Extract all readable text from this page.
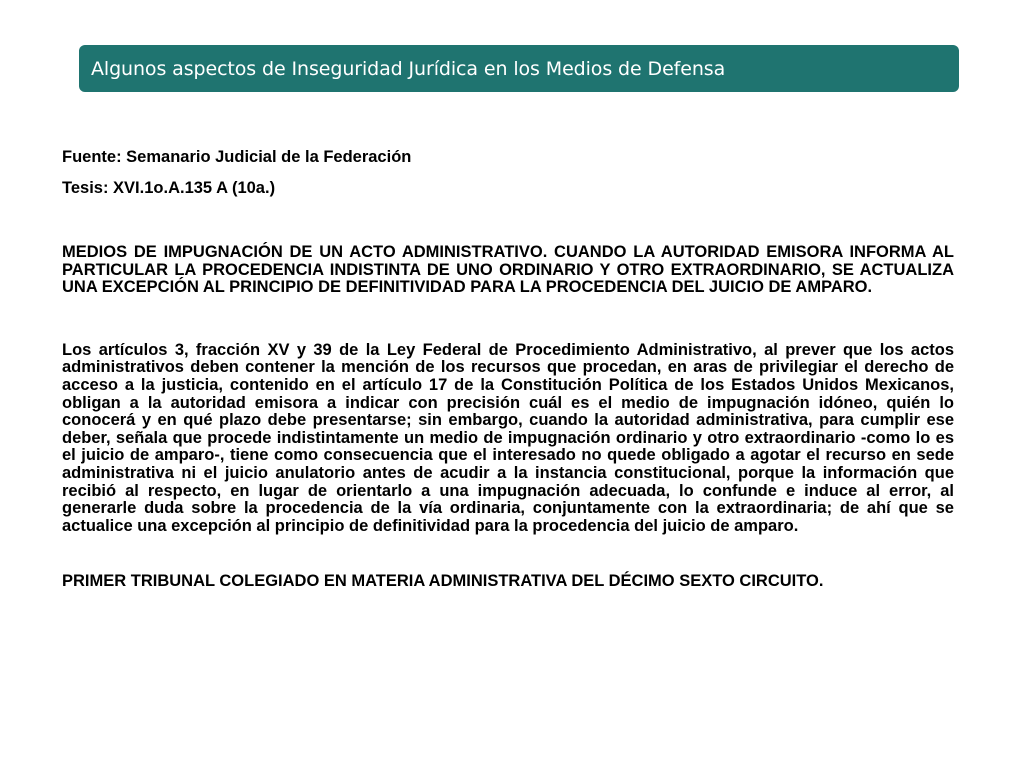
Algunos aspectos de Inseguridad Jurídica en los Medios de Defensa

Fuente: Semanario Judicial de la Federación

Tesis: XVI.1o.A.135 A (10a.)

MEDIOS DE IMPUGNACIÓN DE UN ACTO ADMINISTRATIVO. CUANDO LA AUTORIDAD EMISORA INFORMA AL PARTICULAR LA PROCEDENCIA INDISTINTA DE UNO ORDINARIO Y OTRO EXTRAORDINARIO, SE ACTUALIZA UNA EXCEPCIÓN AL PRINCIPIO DE DEFINITIVIDAD PARA LA PROCEDENCIA DEL JUICIO DE AMPARO.

Los artículos 3, fracción XV y 39 de la Ley Federal de Procedimiento Administrativo, al prever que los actos administrativos deben contener la mención de los recursos que procedan, en aras de privilegiar el derecho de acceso a la justicia, contenido en el artículo 17 de la Constitución Política de los Estados Unidos Mexicanos, obligan a la autoridad emisora a indicar con precisión cuál es el medio de impugnación idóneo, quién lo conocerá y en qué plazo debe presentarse; sin embargo, cuando la autoridad administrativa, para cumplir ese deber, señala que procede indistintamente un medio de impugnación ordinario y otro extraordinario -como lo es el juicio de amparo-, tiene como consecuencia que el interesado no quede obligado a agotar el recurso en sede administrativa ni el juicio anulatorio antes de acudir a la instancia constitucional, porque la información que recibió al respecto, en lugar de orientarlo a una impugnación adecuada, lo confunde e induce al error, al generarle duda sobre la procedencia de la vía ordinaria, conjuntamente con la extraordinaria; de ahí que se actualice una excepción al principio de definitividad para la procedencia del juicio de amparo.

PRIMER TRIBUNAL COLEGIADO EN MATERIA ADMINISTRATIVA DEL DÉCIMO SEXTO CIRCUITO.
